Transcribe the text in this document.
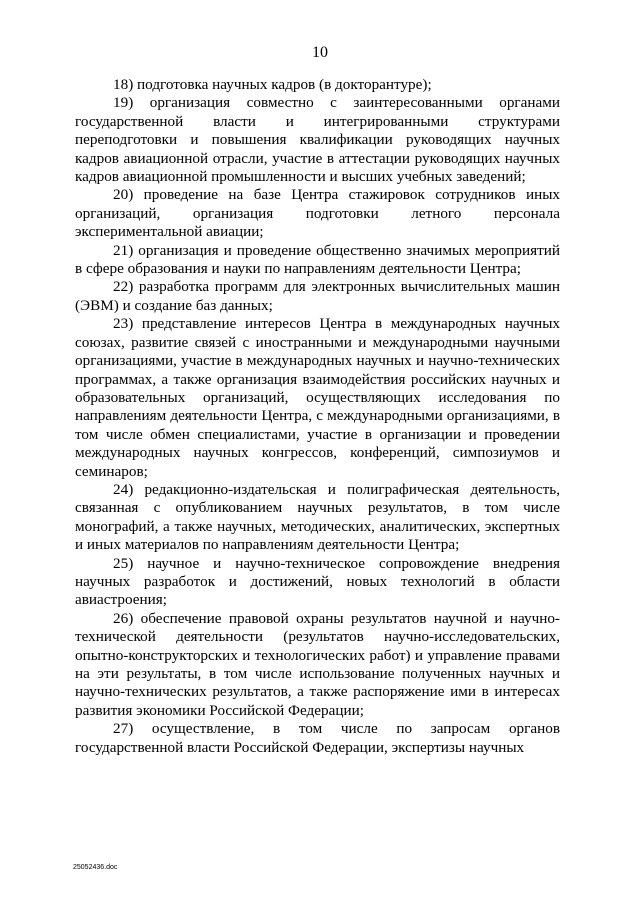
10

18) подготовка научных кадров (в докторантуре);

19) организация совместно с заинтересованными органами государственной власти и интегрированными структурами переподготовки и повышения квалификации руководящих научных кадров авиационной отрасли, участие в аттестации руководящих научных кадров авиационной промышленности и высших учебных заведений;

20) проведение на базе Центра стажировок сотрудников иных организаций, организация подготовки летного персонала экспериментальной авиации;

21) организация и проведение общественно значимых мероприятий в сфере образования и науки по направлениям деятельности Центра;

22) разработка программ для электронных вычислительных машин (ЭВМ) и создание баз данных;

23) представление интересов Центра в международных научных союзах, развитие связей с иностранными и международными научными организациями, участие в международных научных и научно-технических программах, а также организация взаимодействия российских научных и образовательных организаций, осуществляющих исследования по направлениям деятельности Центра, с международными организациями, в том числе обмен специалистами, участие в организации и проведении международных научных конгрессов, конференций, симпозиумов и семинаров;

24) редакционно-издательская и полиграфическая деятельность, связанная с опубликованием научных результатов, в том числе монографий, а также научных, методических, аналитических, экспертных и иных материалов по направлениям деятельности Центра;

25) научное и научно-техническое сопровождение внедрения научных разработок и достижений, новых технологий в области авиастроения;

26) обеспечение правовой охраны результатов научной и научно-технической деятельности (результатов научно-исследовательских, опытно-конструкторских и технологических работ) и управление правами на эти результаты, в том числе использование полученных научных и научно-технических результатов, а также распоряжение ими в интересах развития экономики Российской Федерации;

27) осуществление, в том числе по запросам органов государственной власти Российской Федерации, экспертизы научных

25052436.doc
